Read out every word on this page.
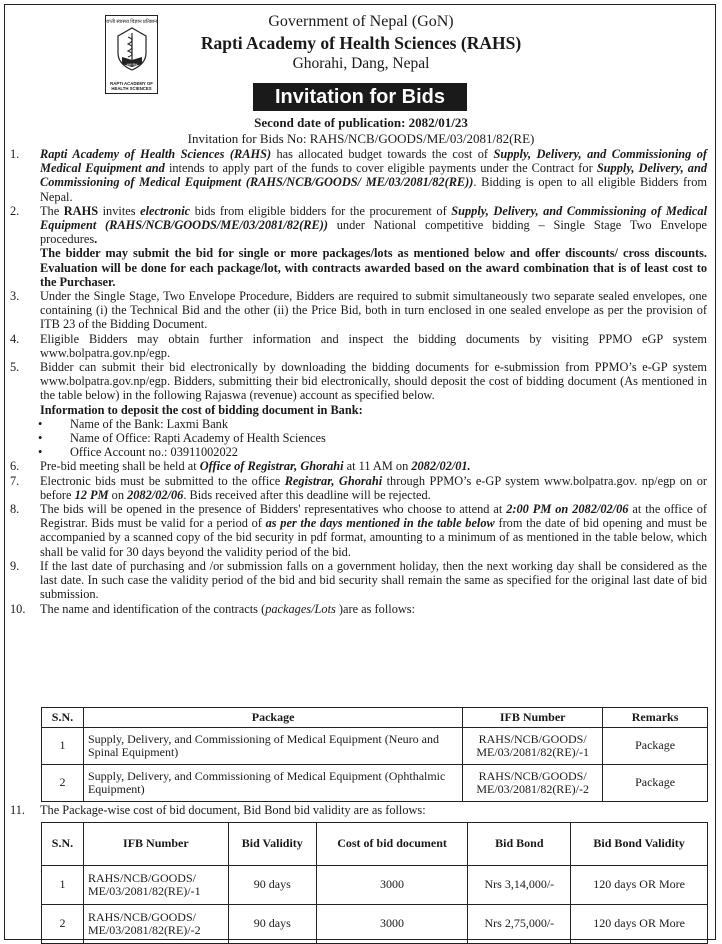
राप्ती स्वास्थ्य विज्ञान प्रतिष्ठान
ज्ञानं सेवा
RAPTI ACADEMY OF
HEALTH SCIENCES
Government of Nepal (GoN)
Rapti Academy of Health Sciences (RAHS)
Ghorahi, Dang, Nepal
Invitation for Bids
Second date of publication: 2082/01/23
Invitation for Bids No: RAHS/NCB/GOODS/ME/03/2081/82(RE)
1. Rapti Academy of Health Sciences (RAHS) has allocated budget towards the cost of Supply, Delivery, and Commissioning of Medical Equipment and intends to apply part of the funds to cover eligible payments under the Contract for Supply, Delivery, and Commissioning of Medical Equipment (RAHS/NCB/GOODS/ ME/03/2081/82(RE)). Bidding is open to all eligible Bidders from Nepal.

2. The RAHS invites electronic bids from eligible bidders for the procurement of Supply, Delivery, and Commissioning of Medical Equipment (RAHS/NCB/GOODS/ME/03/2081/82(RE)) under National competitive bidding – Single Stage Two Envelope procedures.

The bidder may submit the bid for single or more packages/lots as mentioned below and offer discounts/ cross discounts. Evaluation will be done for each package/lot, with contracts awarded based on the award combination that is of least cost to the Purchaser.

3. Under the Single Stage, Two Envelope Procedure, Bidders are required to submit simultaneously two separate sealed envelopes, one containing (i) the Technical Bid and the other (ii) the Price Bid, both in turn enclosed in one sealed envelope as per the provision of ITB 23 of the Bidding Document.

4. Eligible Bidders may obtain further information and inspect the bidding documents by visiting PPMO eGP system www.bolpatra.gov.np/egp.

5. Bidder can submit their bid electronically by downloading the bidding documents for e-submission from PPMO’s e-GP system www.bolpatra.gov.np/egp. Bidders, submitting their bid electronically, should deposit the cost of bidding document (As mentioned in the table below) in the following Rajaswa (revenue) account as specified below.

Information to deposit the cost of bidding document in Bank:

• Name of the Bank: Laxmi Bank
• Name of Office: Rapti Academy of Health Sciences
• Office Account no.: 03911002022
6. Pre-bid meeting shall be held at Office of Registrar, Ghorahi at 11 AM on 2082/02/01.

7. Electronic bids must be submitted to the office Registrar, Ghorahi through PPMO’s e-GP system www.bolpatra.gov. np/egp on or before 12 PM on 2082/02/06. Bids received after this deadline will be rejected.

8. The bids will be opened in the presence of Bidders' representatives who choose to attend at 2:00 PM on 2082/02/06 at the office of Registrar. Bids must be valid for a period of as per the days mentioned in the table below from the date of bid opening and must be accompanied by a scanned copy of the bid security in pdf format, amounting to a minimum of as mentioned in the table below, which shall be valid for 30 days beyond the validity period of the bid.

9. If the last date of purchasing and /or submission falls on a government holiday, then the next working day shall be considered as the last date. In such case the validity period of the bid and bid security shall remain the same as specified for the original last date of bid submission.

10. The name and identification of the contracts (packages/Lots )are as follows:

S.N.	Package	IFB Number	Remarks
1	Supply, Delivery, and Commissioning of Medical Equipment (Neuro and Spinal Equipment)	RAHS/NCB/GOODS/ ME/03/2081/82(RE)/-1	Package
2	Supply, Delivery, and Commissioning of Medical Equipment (Ophthalmic Equipment)	RAHS/NCB/GOODS/ ME/03/2081/82(RE)/-2	Package
11. The Package-wise cost of bid document, Bid Bond bid validity are as follows:

S.N.	IFB Number	Bid Validity	Cost of bid document	Bid Bond	Bid Bond Validity
1	RAHS/NCB/GOODS/ ME/03/2081/82(RE)/-1	90 days	3000	Nrs 3,14,000/-	120 days OR More
2	RAHS/NCB/GOODS/ ME/03/2081/82(RE)/-2	90 days	3000	Nrs 2,75,000/-	120 days OR More
